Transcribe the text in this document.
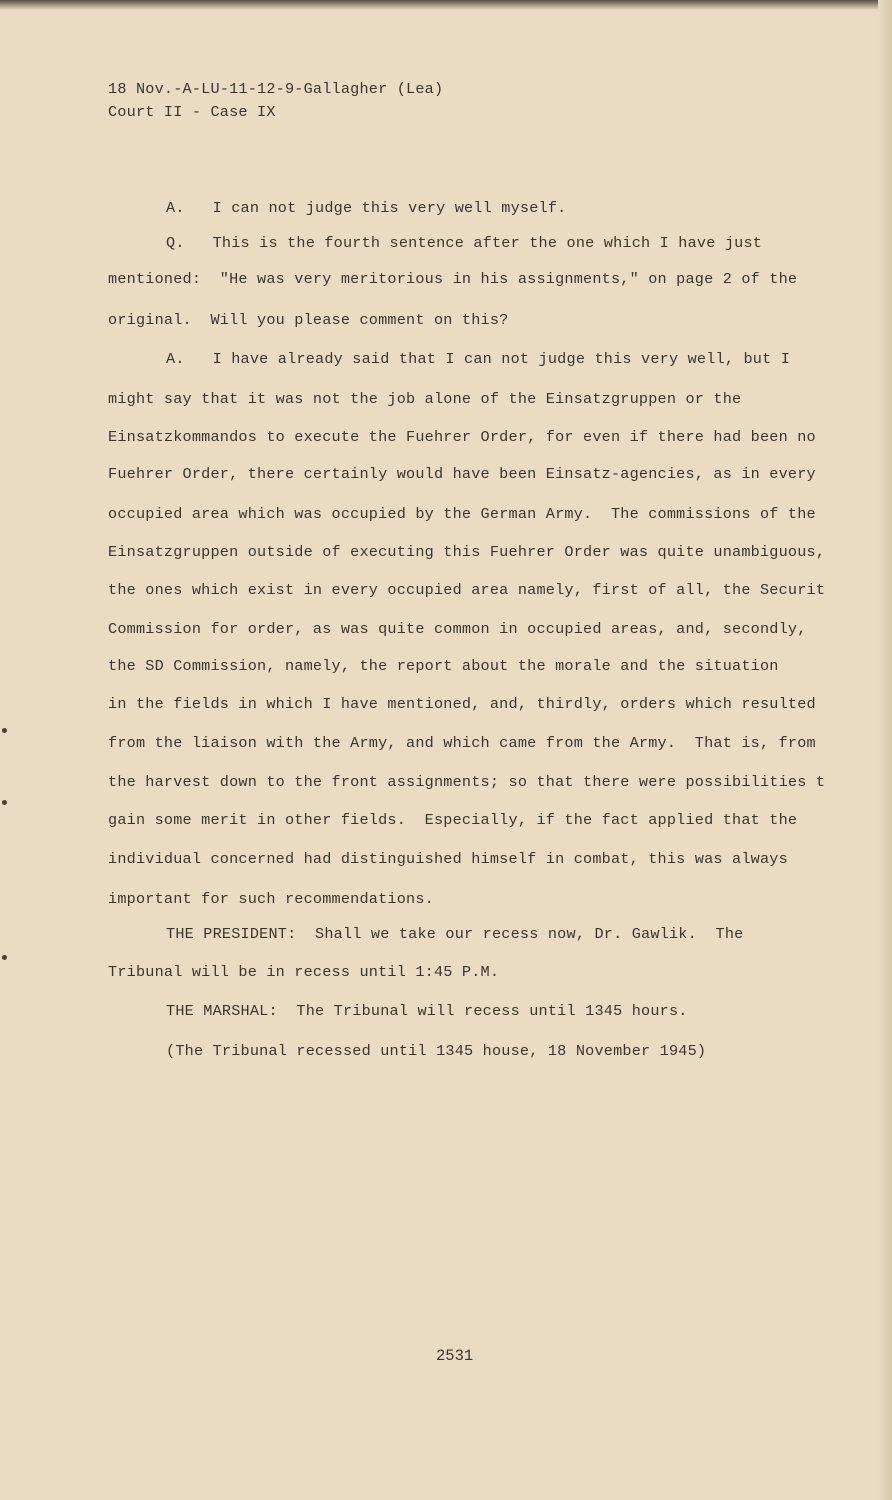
18 Nov.-A-LU-11-12-9-Gallagher (Lea)
Court II - Case IX
A.   I can not judge this very well myself.
Q.   This is the fourth sentence after the one which I have just
mentioned:  "He was very meritorious in his assignments," on page 2 of the
original.  Will you please comment on this?
A.   I have already said that I can not judge this very well, but I
might say that it was not the job alone of the Einsatzgruppen or the
Einsatzkommandos to execute the Fuehrer Order, for even if there had been no
Fuehrer Order, there certainly would have been Einsatz-agencies, as in every
occupied area which was occupied by the German Army.  The commissions of the
Einsatzgruppen outside of executing this Fuehrer Order was quite unambiguous,
the ones which exist in every occupied area namely, first of all, the Securit
Commission for order, as was quite common in occupied areas, and, secondly,
the SD Commission, namely, the report about the morale and the situation
in the fields in which I have mentioned, and, thirdly, orders which resulted
from the liaison with the Army, and which came from the Army.  That is, from
the harvest down to the front assignments; so that there were possibilities t
gain some merit in other fields.  Especially, if the fact applied that the
individual concerned had distinguished himself in combat, this was always
important for such recommendations.
THE PRESIDENT:  Shall we take our recess now, Dr. Gawlik.  The
Tribunal will be in recess until 1:45 P.M.
THE MARSHAL:  The Tribunal will recess until 1345 hours.
(The Tribunal recessed until 1345 house, 18 November 1945)
2531
